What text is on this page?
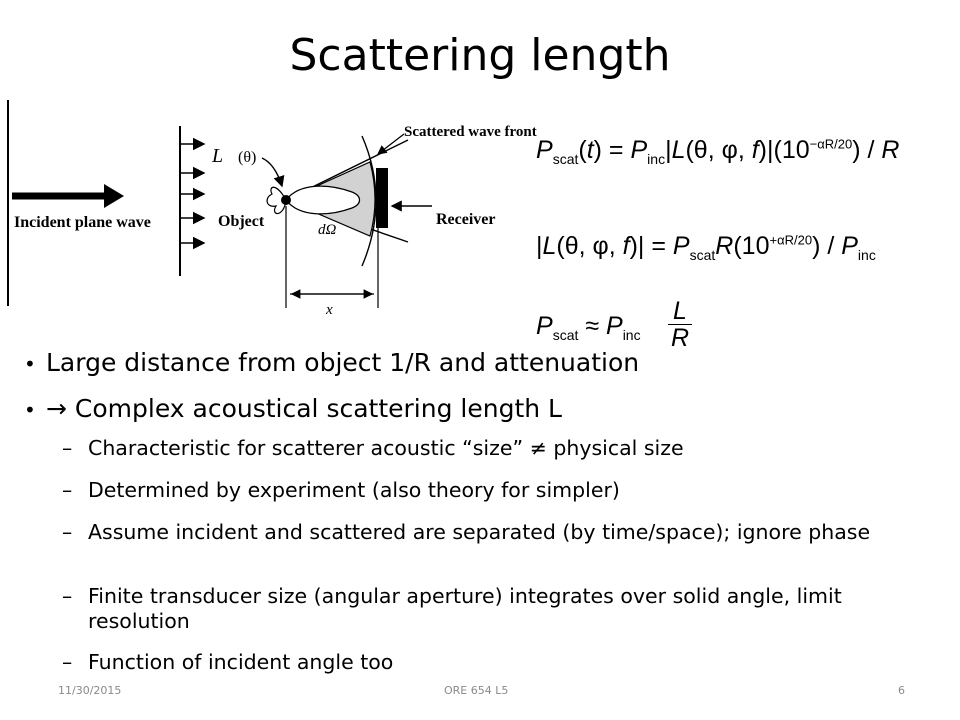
Scattering length
Incident plane wave
L (θ)
Object	dΩ
Scattered wave front
Receiver
x
$P_{scat}(t) = P_{inc}|L(\theta$, φ, $f)|(10^{-\alpha R/20})$ / R
|L(θ, φ, $f)| = P_{scat}R(10^{+\alpha R/20}) / P_{inc}$
$P_{scat} \approx P_{inc}$
L
R
• Large distance from object 1/R and attenuation
• → Complex acoustical scattering length L
– Characteristic for scatterer acoustic “size” ≠ physical size
– Determined by experiment (also theory for simpler)
– Assume incident and scattered are separated (by time/space); ignore phase
– Finite transducer size (angular aperture) integrates over solid angle, limit resolution
– Function of incident angle too
11/30/2015	ORE 654 L5	6
